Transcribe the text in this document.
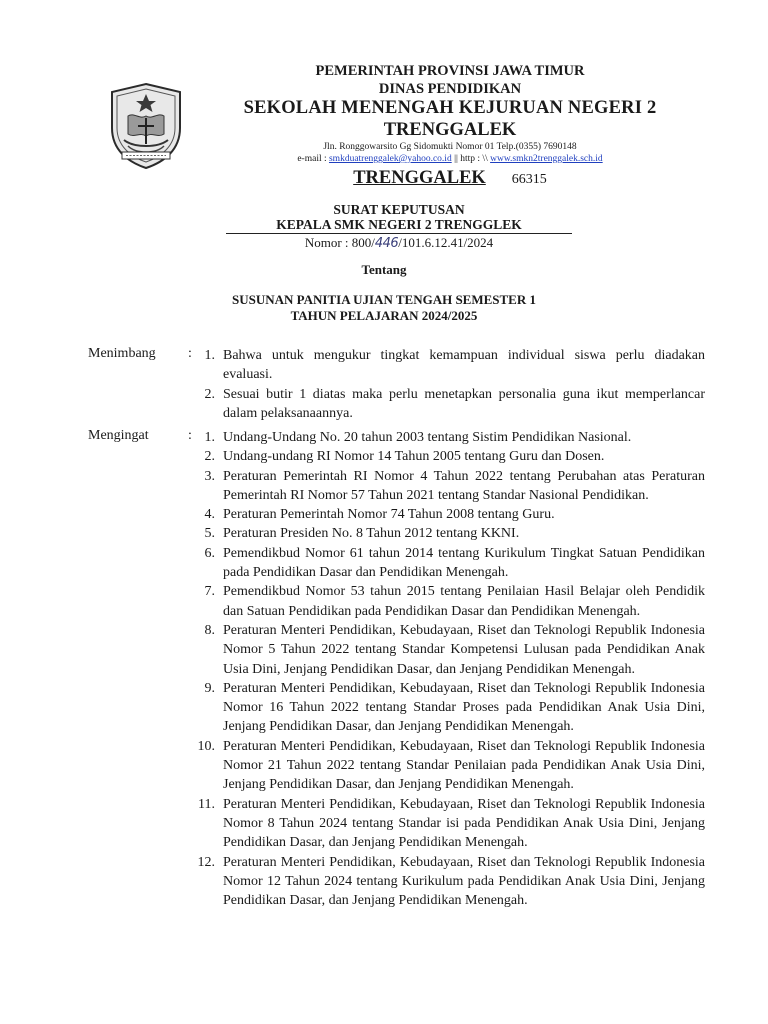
PEMERINTAH PROVINSI JAWA TIMUR
DINAS PENDIDIKAN
SEKOLAH MENENGAH KEJURUAN NEGERI 2
TRENGGALEK
Jln. Ronggowarsito Gg Sidomukti Nomor 01 Telp.(0355) 7690148
e-mail : smkduatrenggalek@yahoo.co.id || http : \\ www.smkn2trenggalek.sch.id
TRENGGALEK 66315
SURAT KEPUTUSAN
KEPALA SMK NEGERI 2 TRENGGLEK
Nomor : 800/446/101.6.12.41/2024
Tentang
SUSUNAN PANITIA UJIAN TENGAH SEMESTER 1
TAHUN PELAJARAN 2024/2025
Menimbang : 1. Bahwa untuk mengukur tingkat kemampuan individual siswa perlu diadakan evaluasi.
2. Sesuai butir 1 diatas maka perlu menetapkan personalia guna ikut memperlancar dalam pelaksanaannya.
Mengingat	: 1. Undang-Undang No. 20 tahun 2003 tentang Sistim Pendidikan Nasional.
2. Undang-undang RI Nomor 14 Tahun 2005 tentang Guru dan Dosen.
3. Peraturan Pemerintah RI Nomor 4 Tahun 2022 tentang Perubahan atas Peraturan Pemerintah RI Nomor 57 Tahun 2021 tentang Standar Nasional Pendidikan.
4. Peraturan Pemerintah Nomor 74 Tahun 2008 tentang Guru.
5. Peraturan Presiden No. 8 Tahun 2012 tentang KKNI.
6. Pemendikbud Nomor 61 tahun 2014 tentang Kurikulum Tingkat Satuan Pendidikan pada Pendidikan Dasar dan Pendidikan Menengah.
7. Pemendikbud Nomor 53 tahun 2015 tentang Penilaian Hasil Belajar oleh Pendidik dan Satuan Pendidikan pada Pendidikan Dasar dan Pendidikan Menengah.
8. Peraturan Menteri Pendidikan, Kebudayaan, Riset dan Teknologi Republik Indonesia Nomor 5 Tahun 2022 tentang Standar Kompetensi Lulusan pada Pendidikan Anak Usia Dini, Jenjang Pendidikan Dasar, dan Jenjang Pendidikan Menengah.
9. Peraturan Menteri Pendidikan, Kebudayaan, Riset dan Teknologi Republik Indonesia Nomor 16 Tahun 2022 tentang Standar Proses pada Pendidikan Anak Usia Dini, Jenjang Pendidikan Dasar, dan Jenjang Pendidikan Menengah.
10. Peraturan Menteri Pendidikan, Kebudayaan, Riset dan Teknologi Republik Indonesia Nomor 21 Tahun 2022 tentang Standar Penilaian pada Pendidikan Anak Usia Dini, Jenjang Pendidikan Dasar, dan Jenjang Pendidikan Menengah.
11. Peraturan Menteri Pendidikan, Kebudayaan, Riset dan Teknologi Republik Indonesia Nomor 8 Tahun 2024 tentang Standar isi pada Pendidikan Anak Usia Dini, Jenjang Pendidikan Dasar, dan Jenjang Pendidikan Menengah.
12. Peraturan Menteri Pendidikan, Kebudayaan, Riset dan Teknologi Republik Indonesia Nomor 12 Tahun 2024 tentang Kurikulum pada Pendidikan Anak Usia Dini, Jenjang Pendidikan Dasar, dan Jenjang Pendidikan Menengah.
